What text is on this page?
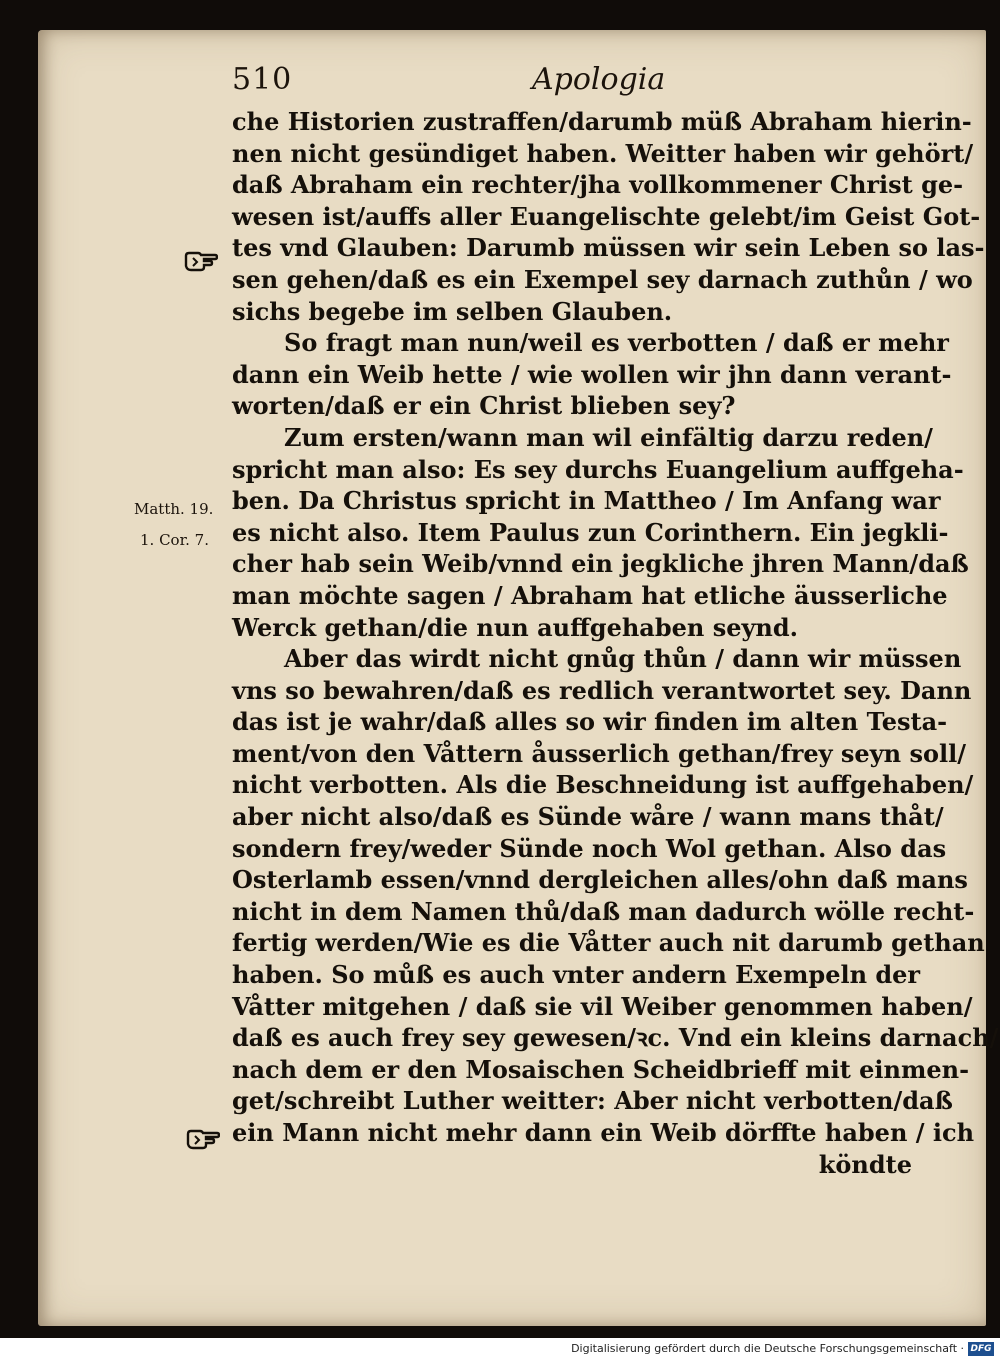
510	Apologia
che Historien zustraffen/darumb müß Abraham hierin-
nen nicht gesündiget haben. Weitter haben wir gehört/
daß Abraham ein rechter/jha vollkommener Christ ge-
wesen ist/auffs aller Euangelischte gelebt/im Geist Got-
tes vnd Glauben: Darumb müssen wir sein Leben so las-
sen gehen/daß es ein Exempel sey darnach zuthůn / wo
sichs begebe im selben Glauben.
So fragt man nun/weil es verbotten / daß er mehr
dann ein Weib hette / wie wollen wir jhn dann verant-
worten/daß er ein Christ blieben sey?
Zum ersten/wann man wil einfältig darzu reden/
spricht man also: Es sey durchs Euangelium auffgeha-
ben. Da Christus spricht in Mattheo / Im Anfang war
es nicht also. Item Paulus zun Corinthern. Ein jegkli-
cher hab sein Weib/vnnd ein jegkliche jhren Mann/daß
man möchte sagen / Abraham hat etliche äusserliche
Werck gethan/die nun auffgehaben seynd.
Aber das wirdt nicht gnůg thůn / dann wir müssen
vns so bewahren/daß es redlich verantwortet sey. Dann
das ist je wahr/daß alles so wir finden im alten Testa-
ment/von den Våttern åusserlich gethan/frey seyn soll/
nicht verbotten. Als die Beschneidung ist auffgehaben/
aber nicht also/daß es Sünde wåre / wann mans thåt/
sondern frey/weder Sünde noch Wol gethan. Also das
Osterlamb essen/vnnd dergleichen alles/ohn daß mans
nicht in dem Namen thů/daß man dadurch wölle recht-
fertig werden/Wie es die Våtter auch nit darumb gethan
haben. So můß es auch vnter andern Exempeln der
Våtter mitgehen / daß sie vil Weiber genommen haben/
daß es auch frey sey gewesen/ꝛc. Vnd ein kleins darnach/
nach dem er den Mosaischen Scheidbrieff mit einmen-
get/schreibt Luther weitter: Aber nicht verbotten/daß
ein Mann nicht mehr dann ein Weib dörffte haben / ich
köndte
Matth. 19.
1. Cor. 7.
Digitalisierung gefördert durch die Deutsche Forschungsgemeinschaft · DFG
